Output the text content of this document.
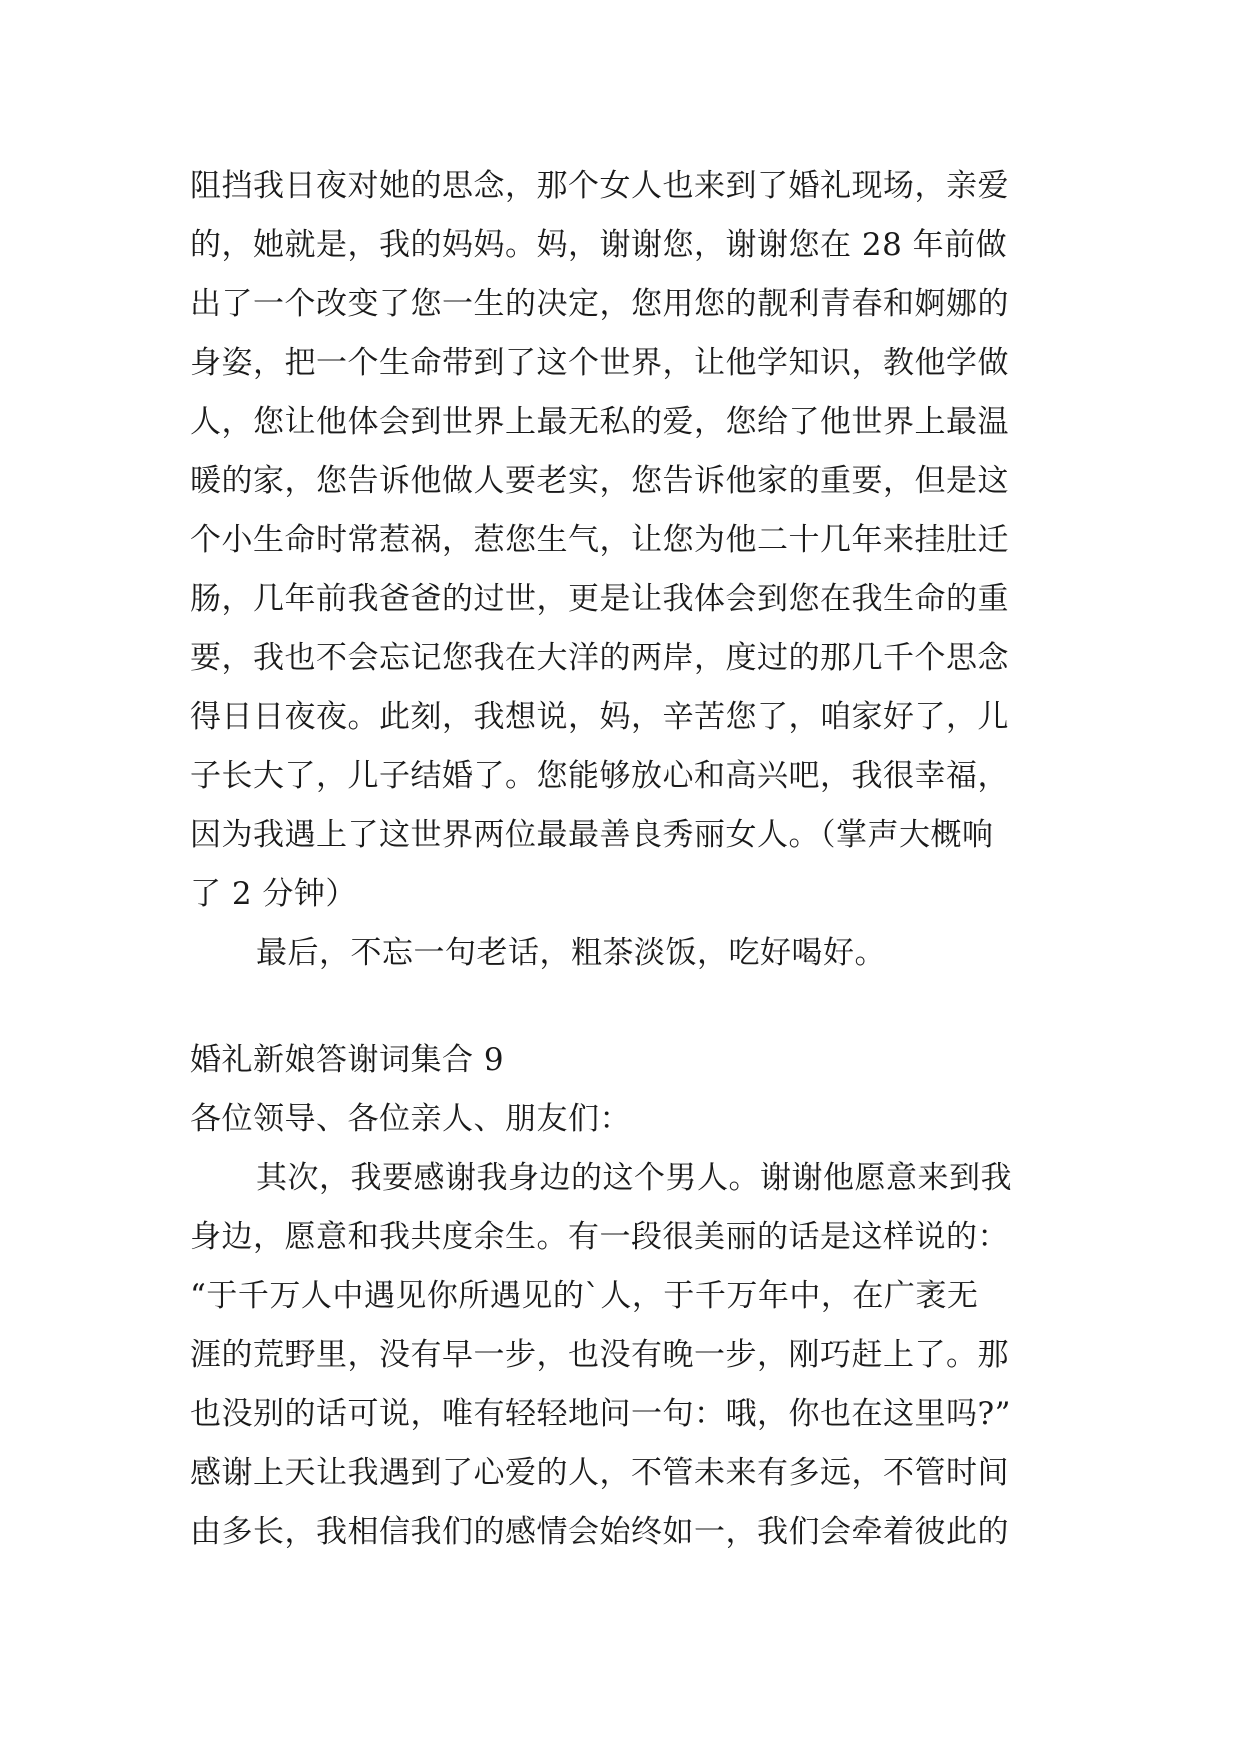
阻挡我日夜对她的思念，那个女人也来到了婚礼现场，亲爱
的，她就是，我的妈妈。妈，谢谢您，谢谢您在 28 年前做
出了一个改变了您一生的决定，您用您的靓利青春和婀娜的
身姿，把一个生命带到了这个世界，让他学知识，教他学做
人，您让他体会到世界上最无私的爱，您给了他世界上最温
暖的家，您告诉他做人要老实，您告诉他家的重要，但是这
个小生命时常惹祸，惹您生气，让您为他二十几年来挂肚迁
肠，几年前我爸爸的过世，更是让我体会到您在我生命的重
要，我也不会忘记您我在大洋的两岸，度过的那几千个思念
得日日夜夜。此刻，我想说，妈，辛苦您了，咱家好了，儿
子长大了，儿子结婚了。您能够放心和高兴吧，我很幸福，
因为我遇上了这世界两位最最善良秀丽女人。（掌声大概响
了 2 分钟）
最后，不忘一句老话，粗茶淡饭，吃好喝好。
婚礼新娘答谢词集合 9
各位领导、各位亲人、朋友们：
其次，我要感谢我身边的这个男人。谢谢他愿意来到我
身边，愿意和我共度余生。有一段很美丽的话是这样说的：
“于千万人中遇见你所遇见的`人，于千万年中，在广袤无
涯的荒野里，没有早一步，也没有晚一步，刚巧赶上了。那
也没别的话可说，唯有轻轻地问一句：哦，你也在这里吗?”
感谢上天让我遇到了心爱的人，不管未来有多远，不管时间
由多长，我相信我们的感情会始终如一，我们会牵着彼此的
